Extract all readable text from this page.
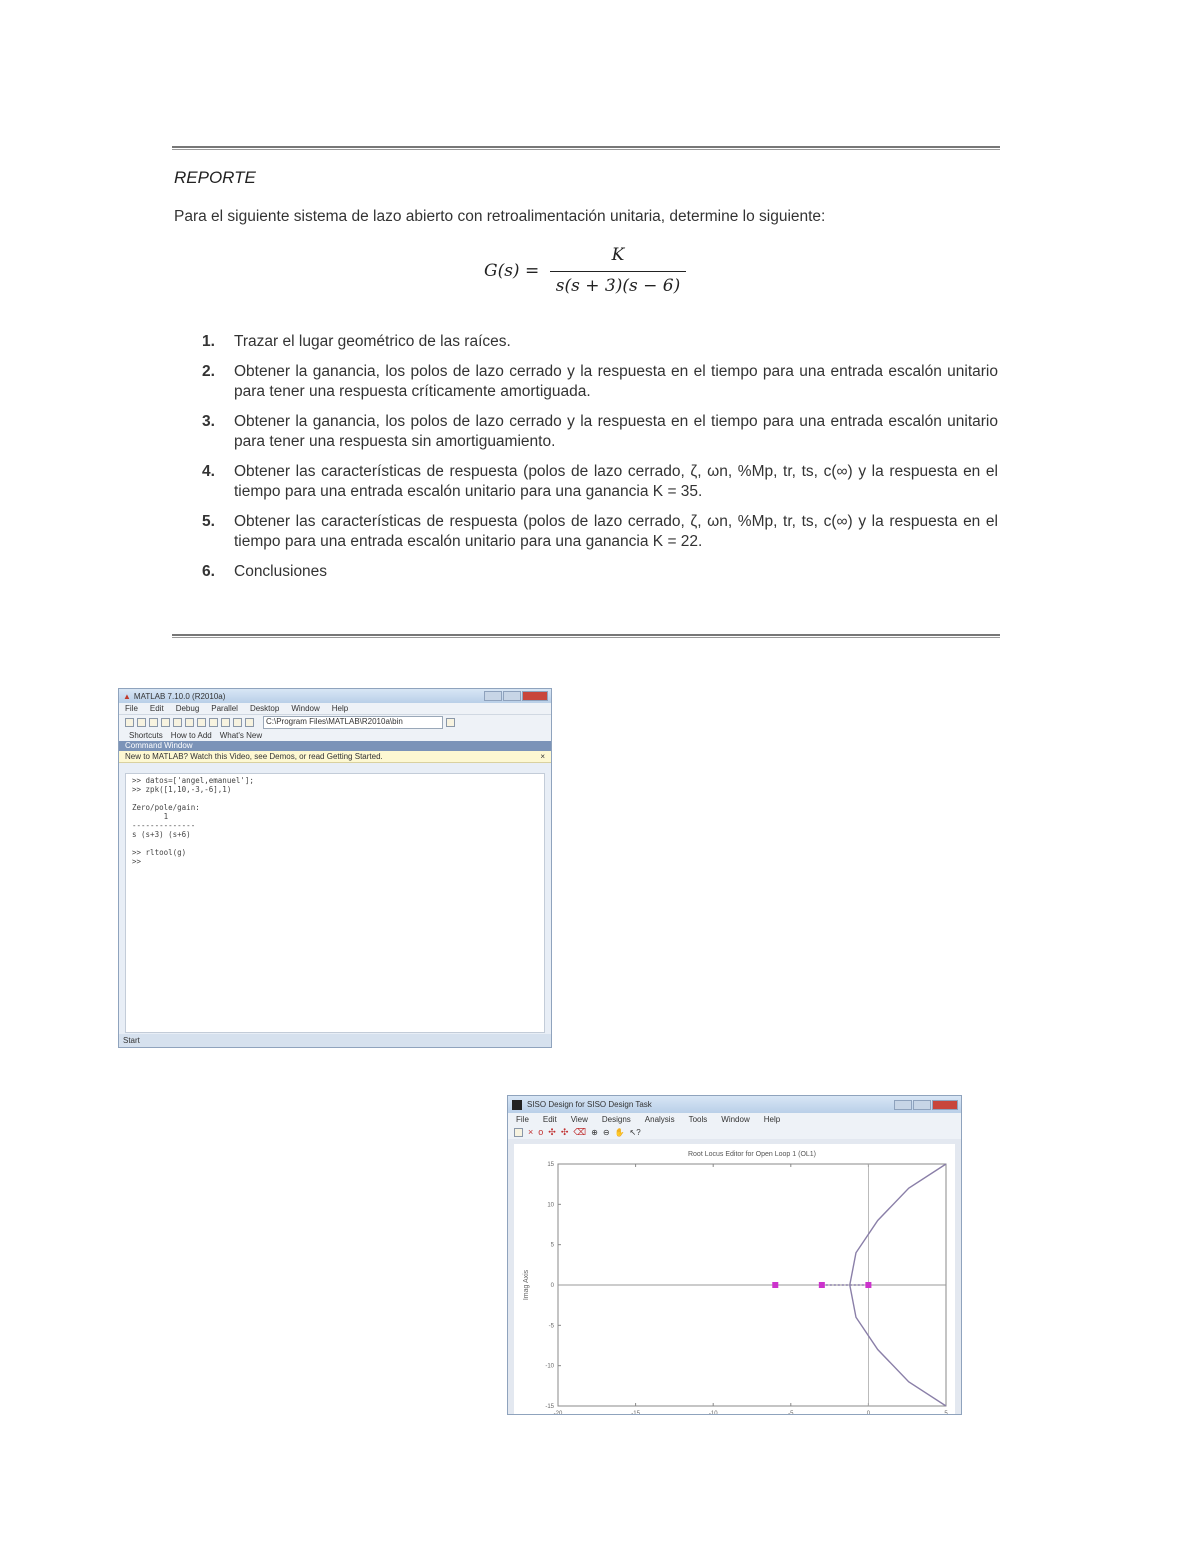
REPORTE
Para el siguiente sistema de lazo abierto con retroalimentación unitaria, determine lo siguiente:
G(s) =
K
s(s + 3)(s − 6)
1. Trazar el lugar geométrico de las raíces.
2. Obtener la ganancia, los polos de lazo cerrado y la respuesta en el tiempo para una entrada escalón unitario para tener una respuesta críticamente amortiguada.
3. Obtener la ganancia, los polos de lazo cerrado y la respuesta en el tiempo para una entrada escalón unitario para tener una respuesta sin amortiguamiento.
4. Obtener las características de respuesta (polos de lazo cerrado, ζ, ωn, %Mp, tr, ts, c(∞) y la respuesta en el tiempo para una entrada escalón unitario para una ganancia K = 35.
5. Obtener las características de respuesta (polos de lazo cerrado, ζ, ωn, %Mp, tr, ts, c(∞) y la respuesta en el tiempo para una entrada escalón unitario para una ganancia K = 22.
6. Conclusiones
▲ MATLAB 7.10.0 (R2010a)
File Edit Debug Parallel Desktop Window Help
C:\Program Files\MATLAB\R2010a\bin
Shortcuts How to Add What's New
Command Window
New to MATLAB? Watch this Video, see Demos, or read Getting Started.	×
>> datos=['angel,emanuel'];
>> zpk([1,10,-3,-6],1)

Zero/pole/gain:
1
--------------
s (s+3) (s+6)

>> rltool(g)
>>
Start
SISO Design for SISO Design Task
File Edit View Designs Analysis Tools Window Help
× o ✣ ✣ ⌫ ⊕ ⊖ ✋ ↖?
Root Locus Editor for Open Loop 1 (OL1)
-15
-10
-5
0
5
10
15
-20	-15	-10	-5	0	5
Imag Axis
